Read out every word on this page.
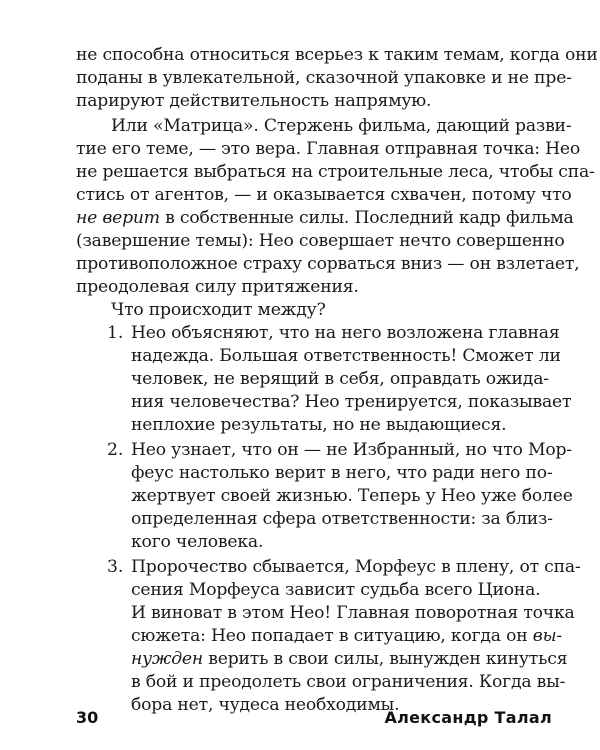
не способна относиться всерьез к таким темам, когда они
поданы в увлекательной, сказочной упаковке и не пре-
парируют действительность напрямую.
Или «Матрица». Стержень фильма, дающий разви-
тие его теме, — это вера. Главная отправная точка: Нео
не решается выбраться на строительные леса, чтобы спа-
стись от агентов, — и оказывается схвачен, потому что
не верит в собственные силы. Последний кадр фильма
(завершение темы): Нео совершает нечто совершенно
противоположное страху сорваться вниз — он взлетает,
преодолевая силу притяжения.
Что происходит между?
1. Нео объясняют, что на него возложена главная
надежда. Большая ответственность! Сможет ли
человек, не верящий в себя, оправдать ожида-
ния человечества? Нео тренируется, показывает
неплохие результаты, но не выдающиеся.
2. Нео узнает, что он — не Избранный, но что Мор-
феус настолько верит в него, что ради него по-
жертвует своей жизнью. Теперь у Нео уже более
определенная сфера ответственности: за близ-
кого человека.
3. Пророчество сбывается, Морфеус в плену, от спа-
сения Морфеуса зависит судьба всего Циона.
И виноват в этом Нео! Главная поворотная точка
сюжета: Нео попадает в ситуацию, когда он вы-
нужден верить в свои силы, вынужден кинуться
в бой и преодолеть свои ограничения. Когда вы-
бора нет, чудеса необходимы.
30	Александр Талал
